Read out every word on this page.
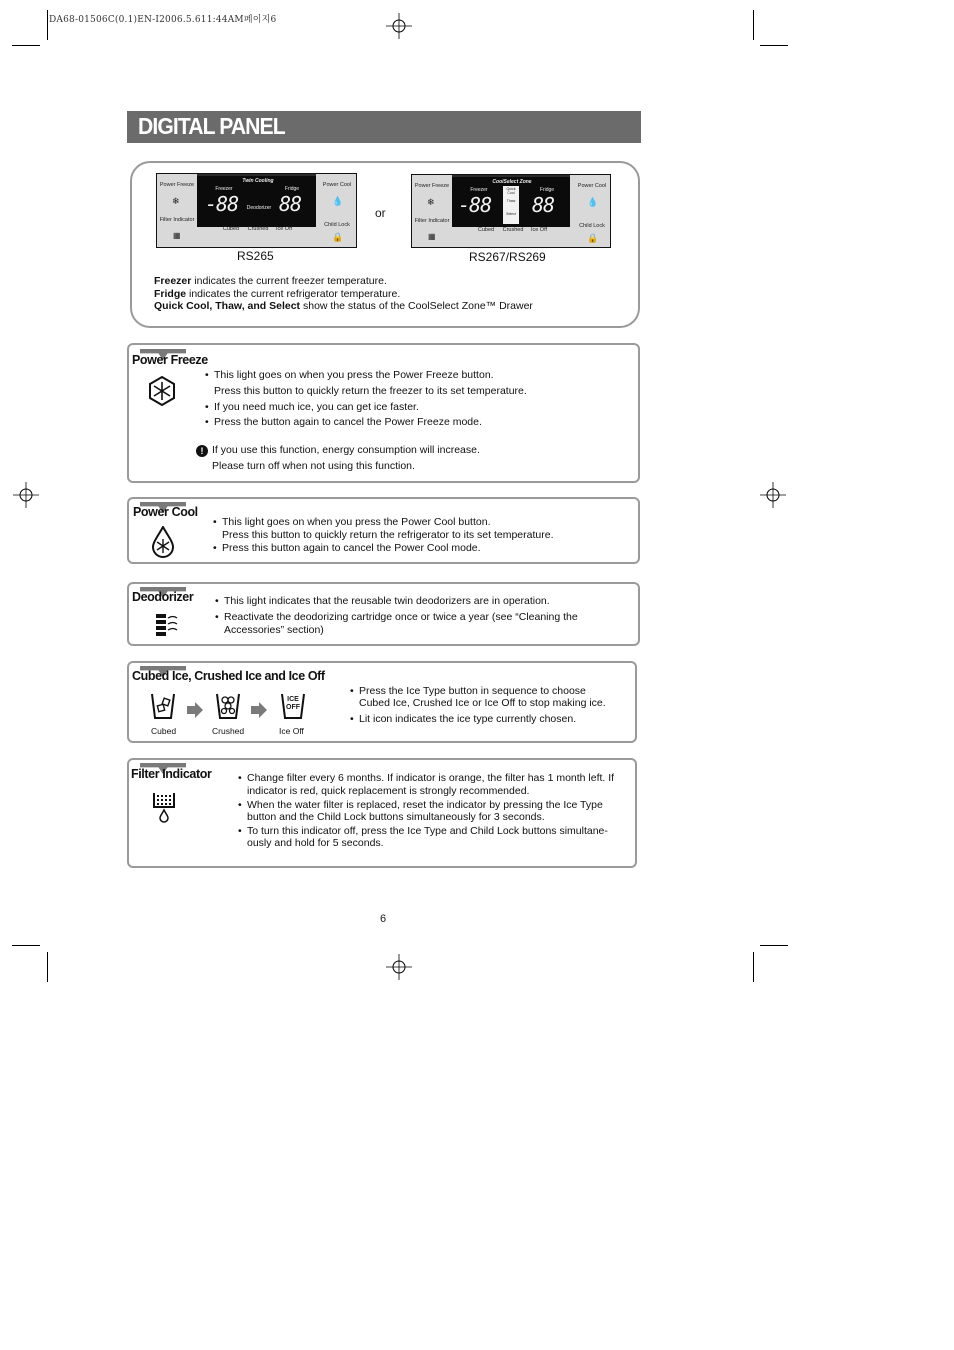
DA68-01506C(0.1)EN-I2006.5.611:44AM페이지6
DIGITAL PANEL
Power Freeze
❄
Filter Indicator
▦
Twin Cooling
Freezer	Fridge
-88 88
Deodorizer
Power Cool
💧
Child Lock
🔒
Cubed	Crushed	Ice Off
RS265
or
Power Freeze
❄
Filter Indicator
▦
CoolSelect Zone
Freezer	Fridge
-88 88
Quick Cool
Thaw
Select
Power Cool
💧
Child Lock
🔒
Cubed	Crushed	Ice Off
RS267/RS269
Freezer indicates the current freezer temperature.
Fridge indicates the current refrigerator temperature.
Quick Cool, Thaw, and Select show the status of the CoolSelect Zone™ Drawer
Power Freeze
• This light goes on when you press the Power Freeze button.
Press this button to quickly return the freezer to its set temperature.
• If you need much ice, you can get ice faster.
• Press the button again to cancel the Power Freeze mode.
! If you use this function, energy consumption will increase.
Please turn off when not using this function.
Power Cool
• This light goes on when you press the Power Cool button.
Press this button to quickly return the refrigerator to its set temperature.
• Press this button again to cancel the Power Cool mode.
Deodorizer • This light indicates that the reusable twin deodorizers are in operation.
• Reactivate the deodorizing cartridge once or twice a year (see “Cleaning the
Accessories” section)
Cubed Ice, Crushed Ice and Ice Off
Cubed	Crushed
ICE OFF
Ice Off
• Press the Ice Type button in sequence to choose
Cubed Ice, Crushed Ice or Ice Off to stop making ice.
• Lit icon indicates the ice type currently chosen.
Filter Indicator	• Change filter every 6 months. If indicator is orange, the filter has 1 month left. If
indicator is red, quick replacement is strongly recommended.
• When the water filter is replaced, reset the indicator by pressing the Ice Type
button and the Child Lock buttons simultaneously for 3 seconds.
• To turn this indicator off, press the Ice Type and Child Lock buttons simultane-
ously and hold for 5 seconds.
6
